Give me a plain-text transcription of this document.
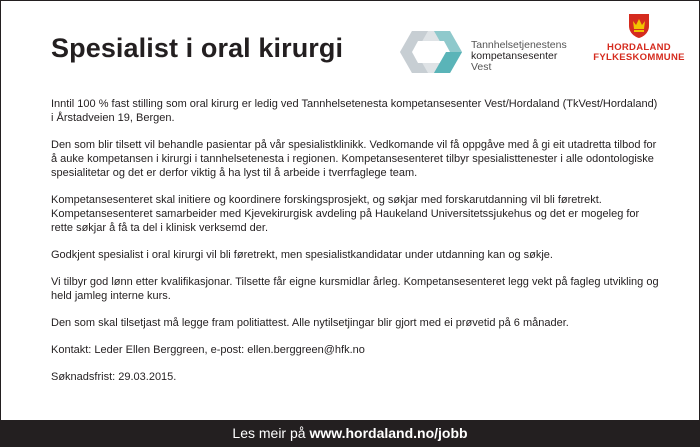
Spesialist i oral kirurgi	Tannhelsetjenestens
kompetansesenter
Vest
HORDALAND
FYLKESKOMMUNE

Inntil 100 % fast stilling som oral kirurg er ledig ved Tannhelsetenesta kompetansesenter Vest/Hordaland (TkVest/Hordaland) i Årstadveien 19, Bergen.

Den som blir tilsett vil behandle pasientar på vår spesialistklinikk. Vedkomande vil få oppgåve med å gi eit utadretta tilbod for å auke kompetansen i kirurgi i tannhelsetenesta i regionen. Kompetansesenteret tilbyr spesialisttenester i alle odontologiske spesialitetar og det er derfor viktig å ha lyst til å arbeide i tverrfaglege team.

Kompetansesenteret skal initiere og koordinere forskingsprosjekt, og søkjar med forskarutdanning vil bli føretrekt. Kompetansesenteret samarbeider med Kjevekirurgisk avdeling på Haukeland Universitetssjukehus og det er mogeleg for rette søkjar å få ta del i klinisk verksemd der.

Godkjent spesialist i oral kirurgi vil bli føretrekt, men spesialistkandidatar under utdanning kan og søkje.

Vi tilbyr god lønn etter kvalifikasjonar. Tilsette får eigne kursmidlar årleg. Kompetansesenteret legg vekt på fagleg utvikling og held jamleg interne kurs.

Den som skal tilsetjast må legge fram politiattest. Alle nytilsetjingar blir gjort med ei prøvetid på 6 månader.

Kontakt: Leder Ellen Berggreen, e-post: ellen.berggreen@hfk.no

Søknadsfrist: 29.03.2015.

Les meir på www.hordaland.no/jobb
